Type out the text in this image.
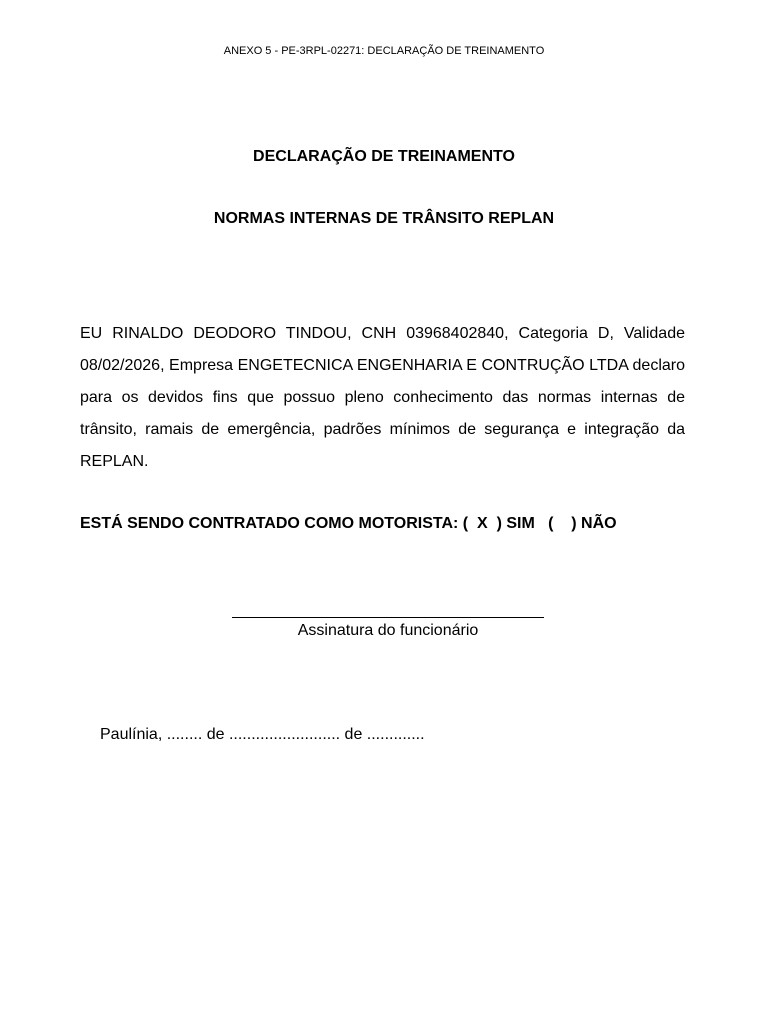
ANEXO 5 - PE-3RPL-02271: DECLARAÇÃO DE TREINAMENTO
DECLARAÇÃO DE TREINAMENTO
NORMAS INTERNAS DE TRÂNSITO REPLAN

EU RINALDO DEODORO TINDOU, CNH 03968402840, Categoria D, Validade 08/02/2026, Empresa ENGETECNICA ENGENHARIA E CONTRUÇÃO LTDA declaro para os devidos fins que possuo pleno conhecimento das normas internas de trânsito, ramais de emergência, padrões mínimos de segurança e integração da REPLAN.

ESTÁ SENDO CONTRATADO COMO MOTORISTA: (  X  ) SIM   (    ) NÃO
Assinatura do funcionário
Paulínia, ........ de ......................... de .............
